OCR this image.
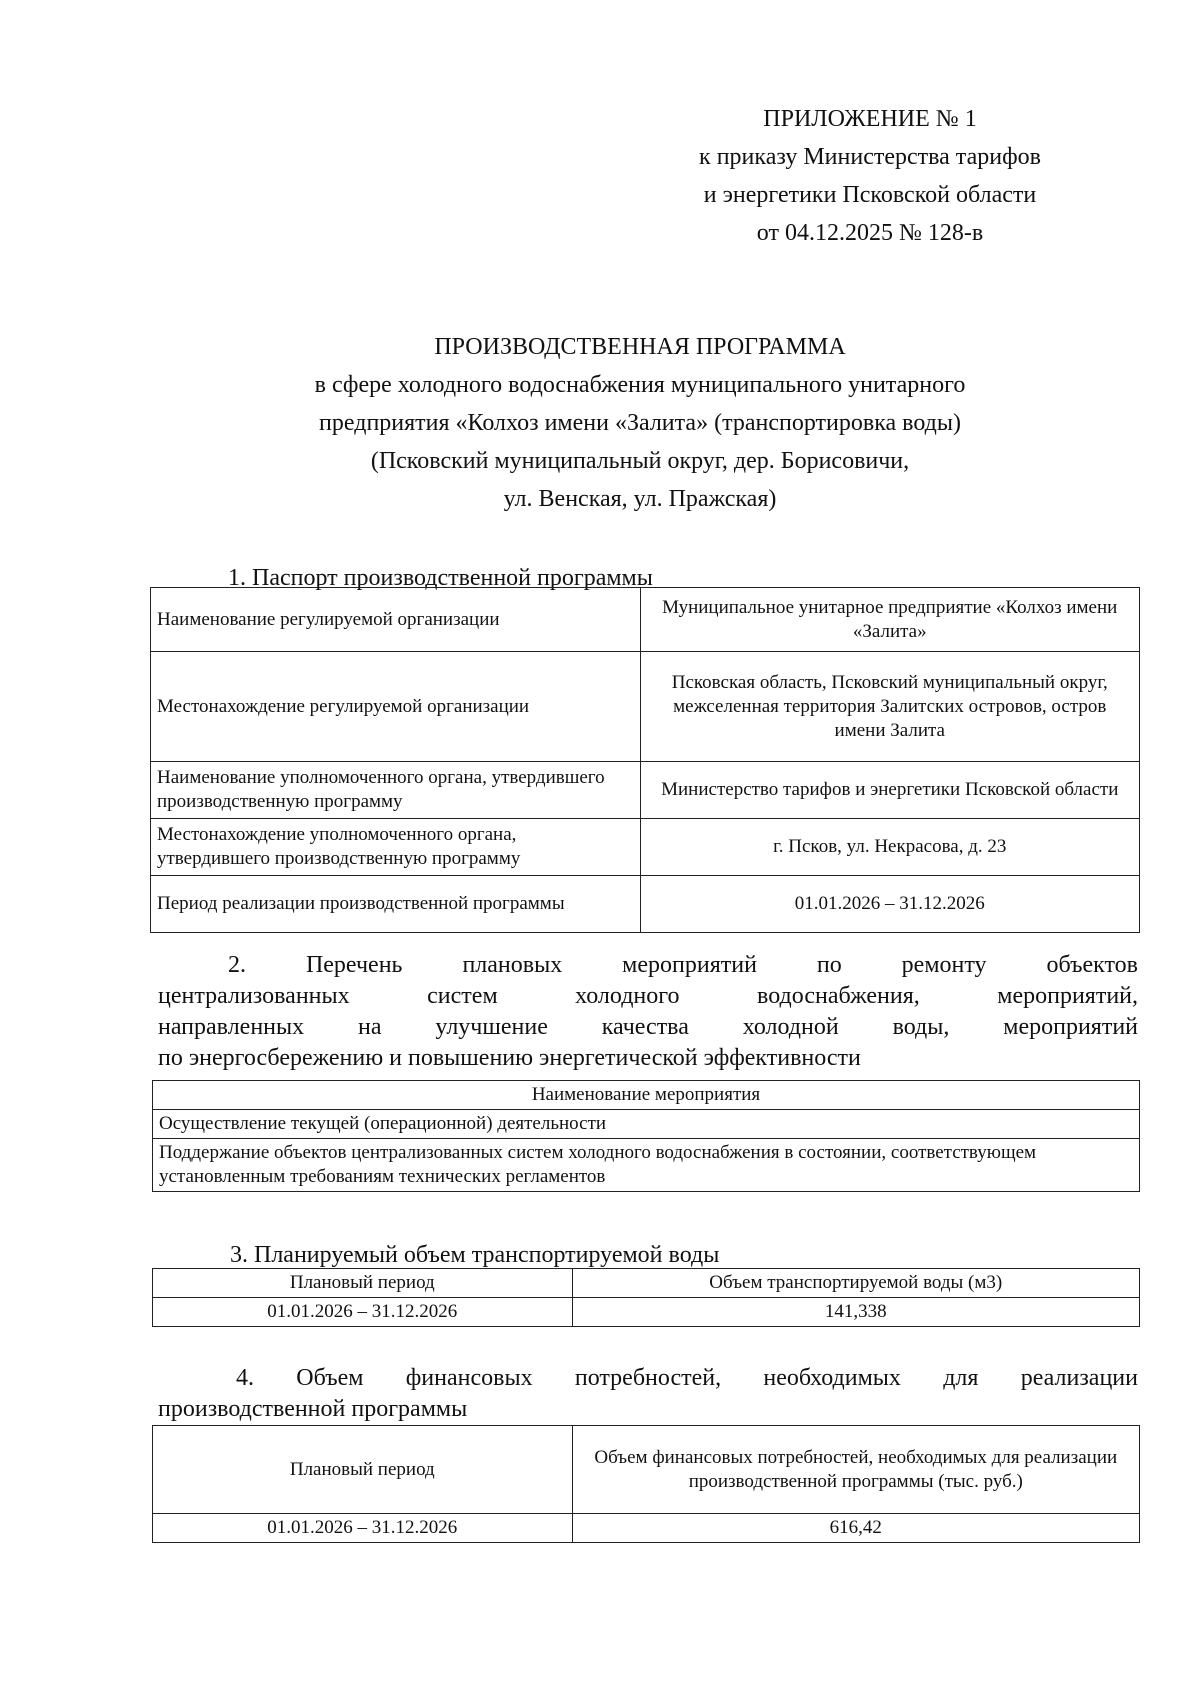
ПРИЛОЖЕНИЕ № 1
к приказу Министерства тарифов
и энергетики Псковской области
от 04.12.2025 № 128-в
ПРОИЗВОДСТВЕННАЯ ПРОГРАММА
в сфере холодного водоснабжения муниципального унитарного
предприятия «Колхоз имени «Залита» (транспортировка воды)
(Псковский муниципальный округ, дер. Борисовичи,
ул. Венская, ул. Пражская)
1. Паспорт производственной программы
Наименование регулируемой организации	Муниципальное унитарное предприятие «Колхоз имени «Залита»
Местонахождение регулируемой организации	Псковская область, Псковский муниципальный округ, межселенная территория Залитских островов, остров имени Залита
Наименование уполномоченного органа, утвердившего производственную программу	Министерство тарифов и энергетики Псковской области
Местонахождение уполномоченного органа, утвердившего производственную программу	г. Псков, ул. Некрасова, д. 23
Период реализации производственной программы	01.01.2026 – 31.12.2026
2. Перечень плановых мероприятий по ремонту объектов
централизованных систем холодного водоснабжения, мероприятий,
направленных на улучшение качества холодной воды, мероприятий
по энергосбережению и повышению энергетической эффективности
Наименование мероприятия
Осуществление текущей (операционной) деятельности
Поддержание объектов централизованных систем холодного водоснабжения в состоянии, соответствующем установленным требованиям технических регламентов
3. Планируемый объем транспортируемой воды
Плановый период	Объем транспортируемой воды (м3)
01.01.2026 – 31.12.2026	141,338
4. Объем финансовых потребностей, необходимых для реализации
производственной программы
Плановый период	Объем финансовых потребностей, необходимых для реализации производственной программы (тыс. руб.)
01.01.2026 – 31.12.2026	616,42
